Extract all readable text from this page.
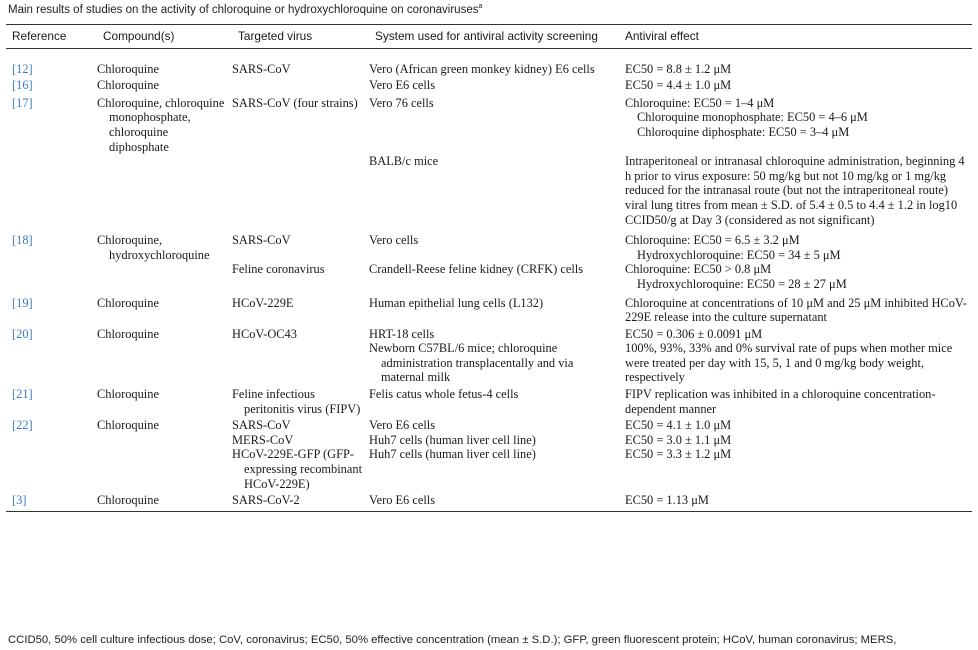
Main results of studies on the activity of chloroquine or hydroxychloroquine on coronaviruses$^a$
Reference	Compound(s)	Targeted virus	System used for antiviral activity screening	Antiviral effect
[12]	Chloroquine	SARS-CoV	Vero (African green monkey kidney) E6 cells	EC50 = 8.8 ± 1.2 μM

[16]	Chloroquine		Vero E6 cells	EC50 = 4.4 ± 1.0 μM

[17]	Chloroquine, chloroquine monophosphate, chloroquine diphosphate	SARS-CoV (four strains)	Vero 76 cells	Chloroquine: EC50 = 1–4 μM
Chloroquine monophosphate: EC50 = 4–6 μM
Chloroquine diphosphate: EC50 = 3–4 μM

			BALB/c mice	Intraperitoneal or intranasal chloroquine administration, beginning 4 h prior to virus exposure: 50 mg/kg but not 10 mg/kg or 1 mg/kg reduced for the intranasal route (but not the intraperitoneal route) viral lung titres from mean ± S.D. of 5.4 ± 0.5 to 4.4 ± 1.2 in log10 CCID50/g at Day 3 (considered as not significant)

[18]	Chloroquine, hydroxychloroquine	SARS-CoV	Vero cells	Chloroquine: EC50 = 6.5 ± 3.2 μM
Hydroxychloroquine: EC50 = 34 ± 5 μM

		Feline coronavirus	Crandell-Reese feline kidney (CRFK) cells	Chloroquine: EC50 > 0.8 μM
Hydroxychloroquine: EC50 = 28 ± 27 μM

[19]	Chloroquine	HCoV-229E	Human epithelial lung cells (L132)	Chloroquine at concentrations of 10 μM and 25 μM inhibited HCoV-229E release into the culture supernatant

[20]	Chloroquine	HCoV-OC43	HRT-18 cells	EC50 = 0.306 ± 0.0091 μM

			Newborn C57BL/6 mice; chloroquine administration transplacentally and via maternal milk	100%, 93%, 33% and 0% survival rate of pups when mother mice were treated per day with 15, 5, 1 and 0 mg/kg body weight, respectively

[21]	Chloroquine	Feline infectious peritonitis virus (FIPV)	Felis catus whole fetus-4 cells	FIPV replication was inhibited in a chloroquine concentration-dependent manner

[22]	Chloroquine	SARS-CoV	Vero E6 cells	EC50 = 4.1 ± 1.0 μM

		MERS-CoV	Huh7 cells (human liver cell line)	EC50 = 3.0 ± 1.1 μM

		HCoV-229E-GFP (GFP-expressing recombinant HCoV-229E)	Huh7 cells (human liver cell line)	EC50 = 3.3 ± 1.2 μM

[3]	Chloroquine	SARS-CoV-2	Vero E6 cells	EC50 = 1.13 μM
CCID50, 50% cell culture infectious dose; CoV, coronavirus; EC50, 50% effective concentration (mean ± S.D.); GFP, green fluorescent protein; HCoV, human coronavirus; MERS,
